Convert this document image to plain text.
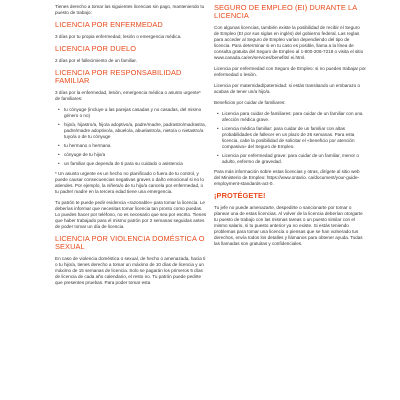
Tienes derecho a tomar las siguientes licencias sin pago, manteniendo tu puesto de trabajo:

LICENCIA POR ENFERMEDAD

3 días por tu propia enfermedad, lesión o emergencia médica.

LICENCIA POR DUELO

2 días por el fallecimiento de un familiar.

LICENCIA POR RESPONSABILIDAD FAMILIAR

3 días por la enfermedad, lesión, emergencia médica o asunto urgente* de familiares:

• tu cónyuge (incluye a las parejas casadas y no casadas, del mismo género o no)
• hijo/a, hijastro/a, hijo/a adoptivo/a, padre/madre, padrastro/madrastra, padre/madre adoptivo/a, abuelo/a, abuelastro/a, nieto/a o nietastro/a tuyo/a o de tu cónyuge
• tu hermano o hermana
• cónyuge de tu hijo/a
• un familiar que dependa de ti para su cuidado o asistencia

* Un asunto urgente es un hecho no planificado o fuera de tu control, y puede causar consecuencias negativas graves o daño emocional si no lo atiendes. Por ejemplo, la niñera/o de tu hijo/a cancela por enfermedad, o tu padre/ madre en la tercera edad tiene una emergencia.

Tu patrón te puede pedir evidencia «razonable» para tomar la licencia. Le deberías informar que necesitas tomar licencia tan pronto como puedas. Lo puedes hacer por teléfono, no es necesario que sea por escrito. Tienes que haber trabajado para el mismo patrón por 2 semanas seguidas antes de poder tomar un día de licencia.

LICENCIA POR VIOLENCIA DOMÉSTICA O SEXUAL

En caso de violencia doméstica o sexual, de hecho o amenazada, hacia ti o tu hijo/a, tienes derecho a tomar un máximo de 10 días de licencia y un máximo de 15 semanas de licencia. Solo se pagarán los primeros 5 días de licencia de cada año calendario, el resto no. Tu patrón puede pedirte que presentes pruebas. Para poder tomar esta

SEGURO DE EMPLEO (EI) DURANTE LA LICENCIA

Con algunas licencias, también existe la posibilidad de recibir el Seguro de Empleo (EI por sus siglas en inglés) del gobierno federal. Las reglas para acceder al Seguro de Empleo varían dependiendo del tipo de licencia. Para determinar si en tu caso es posible, llama a la línea de consulta gratuita del Seguro de Empleo al 1-800-206-7218 o visita el sitio www.canada.ca/en/services/benefits/ ei.html.

Licencia por enfermedad con Seguro de Empleo: si no puedes trabajar por enfermedad o lesión.

Licencia por maternidad/paternidad: si estás transitando un embarazo o acabas de tener un/a hijo/a.

Beneficios por cuidar de familiares:

• Licencia para cuidar de familiares: para cuidar de un familiar con una afección médica grave.
• Licencia médica familiar: para cuidar de un familiar con altas probabilidades de fallecer en un plazo de 26 semanas. Para esta licencia, cabe la posibilidad de solicitar el «beneficio por atención compasiva» del Seguro de Empleo.
• Licencia por enfermedad grave: para cuidar de un familiar, menor o adulto, enfermo de gravedad.

Para más información sobre estas licencias y otras, dirígete al sitio web del Ministerio de Empleo: https://www.ontario. ca/document/your-guide-employment-standards-act-0.

¡PROTÉGETE!

Tu jefe no puede amenazarte, despedirte o sancionarte por tomar o planear una de estas licencias. Al volver de la licencia deberían otorgarte tu puesto de trabajo con las mismas tareas o un puesto similar con el mismo salario, si tu puesto anterior ya no existe. Si estás teniendo problemas para tomar una licencia o piensas que se han vulnerado tus derechos, envía todos los detalles y llámanos para obtener ayuda. Todas las llamadas son gratuitas y confidenciales.
